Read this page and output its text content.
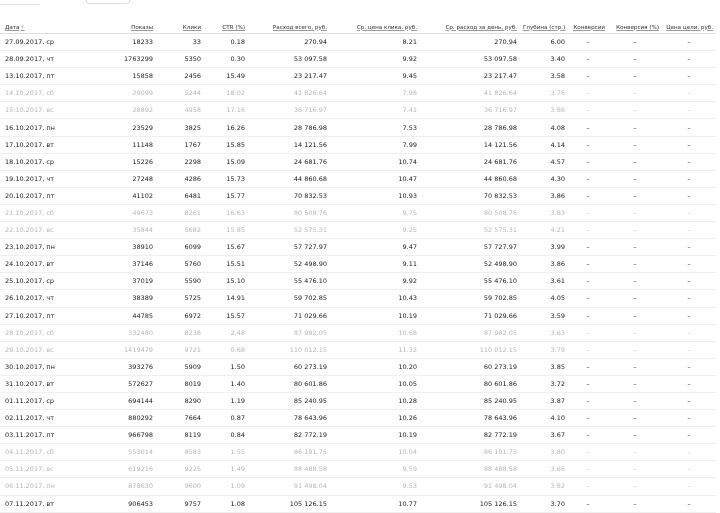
Дата↑	Показы	Клики	CTR (%)	Расход всего, руб.	Ср. цена клика, руб.	Ср. расход за день, руб.	Глубина (стр.)	Конверсии	Конверсия (%)	Цена цели, руб.
27.09.2017, ср	18233	33	0.18	270.94	8.21	270.94	6.00	–	–	–
28.09.2017, чт	1763299	5350	0.30	53 097.58	9.92	53 097.58	3.40	–	–	–
13.10.2017, пт	15858	2456	15.49	23 217.47	9.45	23 217.47	3.58	–	–	–
14.10.2017, сб	29099	5244	18.02	41 826.64	7.98	41 826.64	3.76	–	–	–
15.10.2017, вс	28892	4958	17.16	36 716.97	7.41	36 716.97	3.86	–	–	–
16.10.2017, пн	23529	3825	16.26	28 786.98	7.53	28 786.98	4.08	–	–	–
17.10.2017, вт	11148	1767	15.85	14 121.56	7.99	14 121.56	4.14	–	–	–
18.10.2017, ср	15226	2298	15.09	24 681.76	10.74	24 681.76	4.57	–	–	–
19.10.2017, чт	27248	4286	15.73	44 860.68	10.47	44 860.68	4.30	–	–	–
20.10.2017, пт	41102	6481	15.77	70 832.53	10.93	70 832.53	3.86	–	–	–
21.10.2017, сб	49673	8261	16.63	80 508.76	9.75	80 508.76	3.83	–	–	–
22.10.2017, вс	35844	5682	15.85	52 575.31	9.25	52 575.31	4.21	–	–	–
23.10.2017, пн	38910	6099	15.67	57 727.97	9.47	57 727.97	3.99	–	–	–
24.10.2017, вт	37146	5760	15.51	52 498.90	9.11	52 498.90	3.86	–	–	–
25.10.2017, ср	37019	5590	15.10	55 476.10	9.92	55 476.10	3.61	–	–	–
26.10.2017, чт	38389	5725	14.91	59 702.85	10.43	59 702.85	4.05	–	–	–
27.10.2017, пт	44785	6972	15.57	71 029.66	10.19	71 029.66	3.59	–	–	–
28.10.2017, сб	332480	8238	2.48	87 982.05	10.68	87 982.05	3.63	–	–	–
29.10.2017, вс	1419479	9721	0.68	110 012.15	11.32	110 012.15	3.79	–	–	–
30.10.2017, пн	393276	5909	1.50	60 273.19	10.20	60 273.19	3.85	–	–	–
31.10.2017, вт	572627	8019	1.40	80 601.86	10.05	80 601.86	3.72	–	–	–
01.11.2017, ср	694144	8290	1.19	85 240.95	10.28	85 240.95	3.87	–	–	–
02.11.2017, чт	880292	7664	0.87	78 643.96	10.26	78 643.96	4.10	–	–	–
03.11.2017, пт	966798	8119	0.84	82 772.19	10.19	82 772.19	3.67	–	–	–
04.11.2017, сб	553014	8583	1.55	86 191.75	10.04	86 191.75	3.80	–	–	–
05.11.2017, вс	619216	9225	1.49	88 488.58	9.59	88 488.58	3.66	–	–	–
06.11.2017, пн	878630	9600	1.09	91 498.04	9.53	91 498.04	3.82	–	–	–
07.11.2017, вт	906453	9757	1.08	105 126.15	10.77	105 126.15	3.70	–	–	–
